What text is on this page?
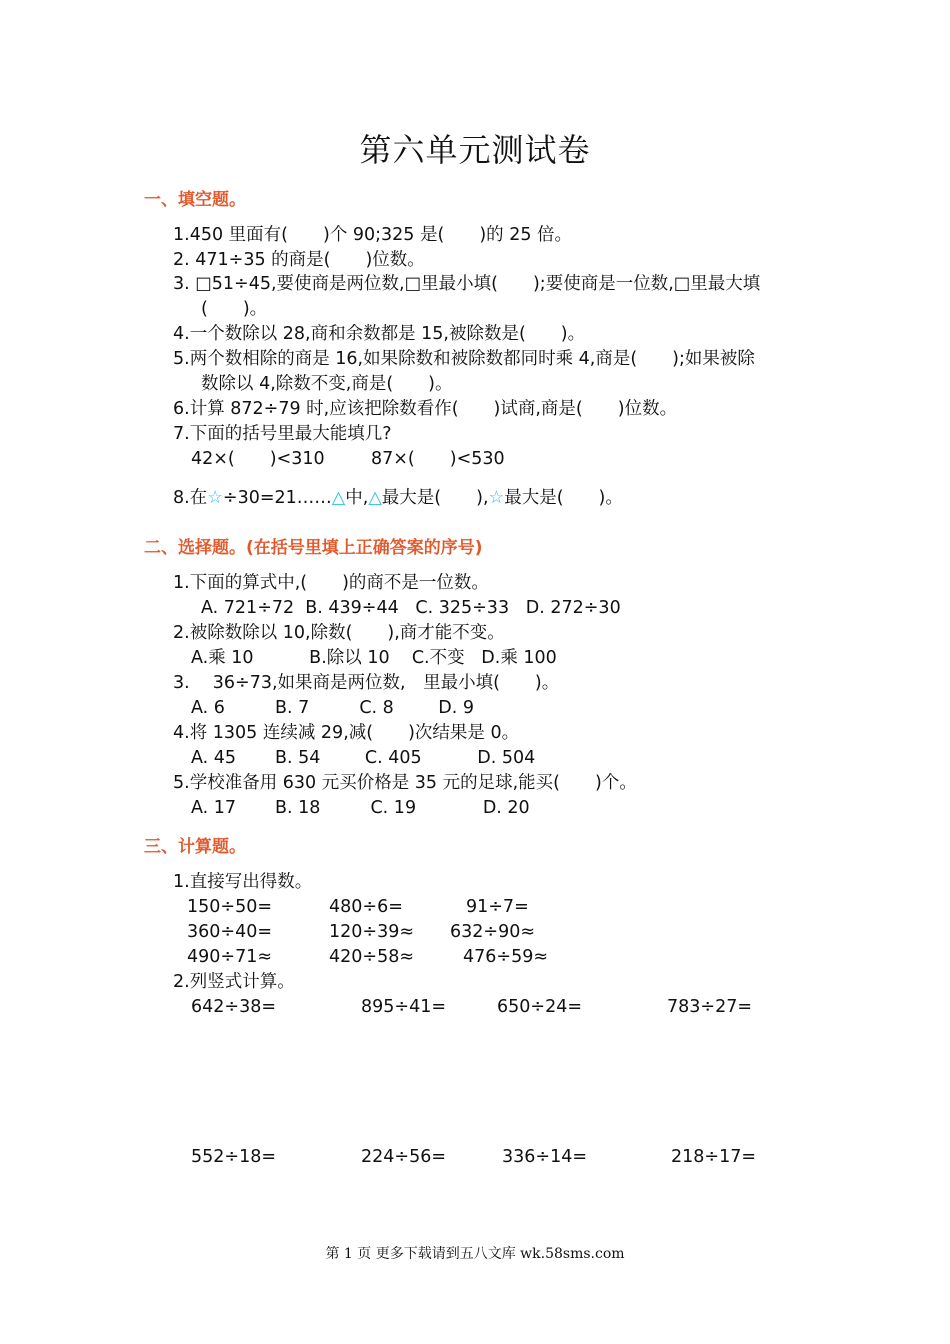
第六单元测试卷
一、填空题。
1.450 里面有(　　)个 90;325 是(　　)的 25 倍。
2. 471÷35 的商是(　　)位数。
3. □51÷45,要使商是两位数,□里最小填(　　);要使商是一位数,□里最大填
(　　)。
4.一个数除以 28,商和余数都是 15,被除数是(　　)。
5.两个数相除的商是 16,如果除数和被除数都同时乘 4,商是(　　);如果被除
数除以 4,除数不变,商是(　　)。
6.计算 872÷79 时,应该把除数看作(　　)试商,商是(　　)位数。
7.下面的括号里最大能填几?
42×(　　)<310	87×(　　)<530
8.在☆÷30=21……△中,△最大是(　　),☆最大是(　　)。
二、选择题。(在括号里填上正确答案的序号)
1.下面的算式中,(　　)的商不是一位数。
A. 721÷72  B. 439÷44   C. 325÷33   D. 272÷30
2.被除数除以 10,除数(　　),商才能不变。
A.乘 10          B.除以 10    C.不变   D.乘 100
3.　 36÷73,如果商是两位数,　里最小填(　　)。
A. 6         B. 7         C. 8        D. 9
4.将 1305 连续减 29,减(　　)次结果是 0。
A. 45       B. 54        C. 405          D. 504
5.学校准备用 630 元买价格是 35 元的足球,能买(　　)个。
A. 17       B. 18         C. 19            D. 20
三、计算题。
1.直接写出得数。
150÷50=	480÷6=	91÷7=
360÷40=	120÷39≈ 632÷90≈
490÷71≈	420÷58≈	476÷59≈
2.列竖式计算。
642÷38=	895÷41=	650÷24=	783÷27=
552÷18=	224÷56=	336÷14=	218÷17=
第 1 页 更多下载请到五八文库 wk.58sms.com
